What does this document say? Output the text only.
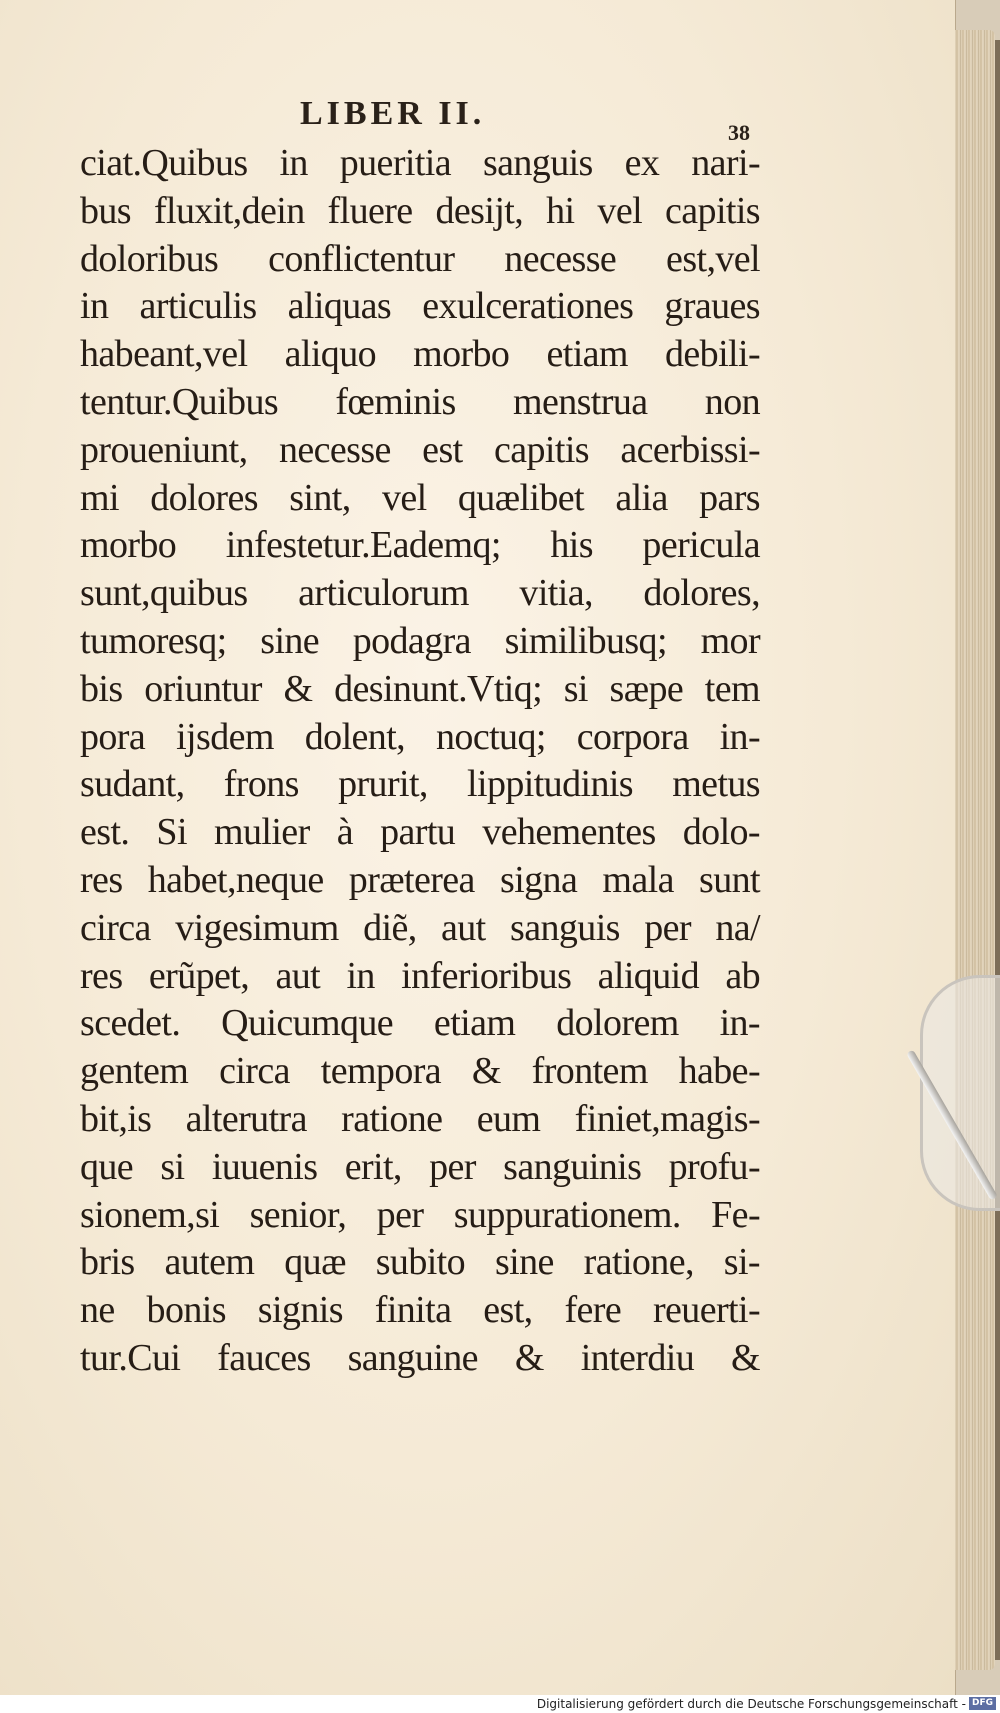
LIBER II.
38
ciat.Quibus in pueritia sanguis ex nari-
bus fluxit,dein fluere desijt, hi vel capitis
doloribus conflictentur necesse est,vel
in articulis aliquas exulcerationes graues
habeant,vel aliquo morbo etiam debili-
tentur.Quibus fœminis menstrua non
proueniunt, necesse est capitis acerbissi-
mi dolores sint, vel quælibet alia pars
morbo infestetur.Eademq; his pericula
sunt,quibus articulorum vitia, dolores,
tumoresq; sine podagra similibusq; mor
bis oriuntur & desinunt.Vtiq; si sæpe tem
pora ijsdem dolent, noctuq; corpora in-
sudant, frons prurit, lippitudinis metus
est. Si mulier à partu vehementes dolo-
res habet,neque præterea signa mala sunt
circa vigesimum diẽ, aut sanguis per na/
res erũpet, aut in inferioribus aliquid ab
scedet. Quicumque etiam dolorem in-
gentem circa tempora & frontem habe-
bit,is alterutra ratione eum finiet,magis-
que si iuuenis erit, per sanguinis profu-
sionem,si senior, per suppurationem. Fe-
bris autem quæ subito sine ratione, si-
ne bonis signis finita est, fere reuerti-
tur.Cui fauces sanguine & interdiu &
Digitalisierung gefördert durch die Deutsche Forschungsgemeinschaft - DFG
